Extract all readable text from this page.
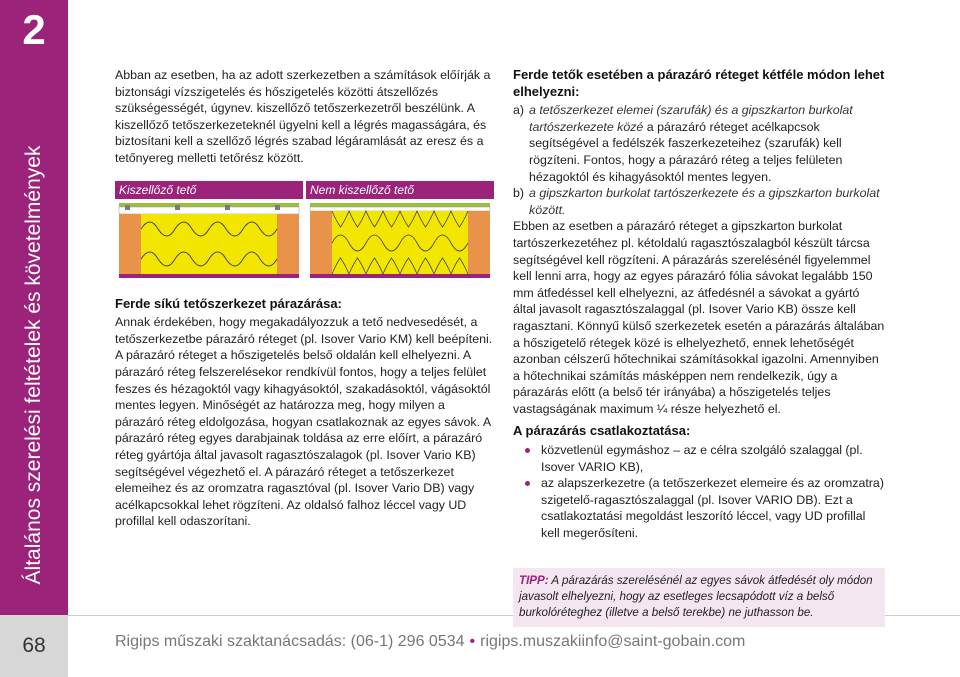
2
Általános szerelési feltételek és követelmények
68	Rigips műszaki szaktanácsadás: (06-1) 296 0534 • rigips.muszakiinfo@saint-gobain.com

Abban az esetben, ha az adott szerkezetben a számítások előírják a biztonsági vízszigetelés és hőszigetelés közötti átszellőzés szükségességét, úgynev. kiszellőző tetőszerkezetről beszélünk. A kiszellőző tetőszerkezeteknél ügyelni kell a légrés magasságára, és biztosítani kell a szellőző légrés szabad légáramlását az eresz és a tetőnyereg melletti tetőrész között.

Kiszellőző tető	Nem kiszellőző tető

Ferde síkú tetőszerkezet párazárása:

Annak érdekében, hogy megakadályozzuk a tető nedvesedését, a tetőszerkezetbe párazáró réteget (pl. Isover Vario KM) kell beépíteni. A párazáró réteget a hőszigetelés belső oldalán kell elhelyezni. A párazáró réteg felszerelésekor rendkívül fontos, hogy a teljes felület feszes és hézagoktól vagy kihagyásoktól, szakadásoktól, vágásoktól mentes legyen. Minőségét az határozza meg, hogy milyen a párazáró réteg eldolgozása, hogyan csatlakoznak az egyes sávok. A párazáró réteg egyes darabjainak toldása az erre előírt, a párazáró réteg gyártója által javasolt ragasztószalagok (pl. Isover Vario KB) segítségével végezhető el. A párazáró réteget a tetőszerkezet elemeihez és az oromzatra ragasztóval (pl. Isover Vario DB) vagy acélkapcsokkal lehet rögzíteni. Az oldalsó falhoz léccel vagy UD profillal kell odaszorítani.

Ferde tetők esetében a párazáró réteget kétféle módon lehet elhelyezni:

a) a tetőszerkezet elemei (szarufák) és a gipszkarton burkolat tartószerkezete közé a párazáró réteget acélkapcsok segítségével a fedélszék faszerkezeteihez (szarufák) kell rögzíteni. Fontos, hogy a párazáró réteg a teljes felületen hézagoktól és kihagyásoktól mentes legyen.
b) a gipszkarton burkolat tartószerkezete és a gipszkarton burkolat között.

Ebben az esetben a párazáró réteget a gipszkarton burkolat tartószerkezetéhez pl. kétoldalú ragasztószalagból készült tárcsa segítségével kell rögzíteni. A párazárás szerelésénél figyelemmel kell lenni arra, hogy az egyes párazáró fólia sávokat legalább 150 mm átfedéssel kell elhelyezni, az átfedésnél a sávokat a gyártó által javasolt ragasztószalaggal (pl. Isover Vario KB) össze kell ragasztani. Könnyű külső szerkezetek esetén a párazárás általában a hőszigetelő rétegek közé is elhelyezhető, ennek lehetőségét azonban célszerű hőtechnikai számításokkal igazolni. Amennyiben a hőtechnikai számítás másképpen nem rendelkezik, úgy a párazárás előtt (a belső tér irányába) a hőszigetelés teljes vastagságának maximum ¼ része helyezhető el.

A párazárás csatlakoztatása:

közvetlenül egymáshoz – az e célra szolgáló szalaggal (pl. Isover VARIO KB),
az alapszerkezetre (a tetőszerkezet elemeire és az oromzatra) szigetelő-ragasztószalaggal (pl. Isover VARIO DB). Ezt a csatlakoztatási megoldást leszorító léccel, vagy UD profillal kell megerősíteni.
TIPP: A párazárás szerelésénél az egyes sávok átfedését oly módon javasolt elhelyezni, hogy az esetleges lecsapódott víz a belső burkolóréteghez (illetve a belső terekbe) ne juthasson be.
